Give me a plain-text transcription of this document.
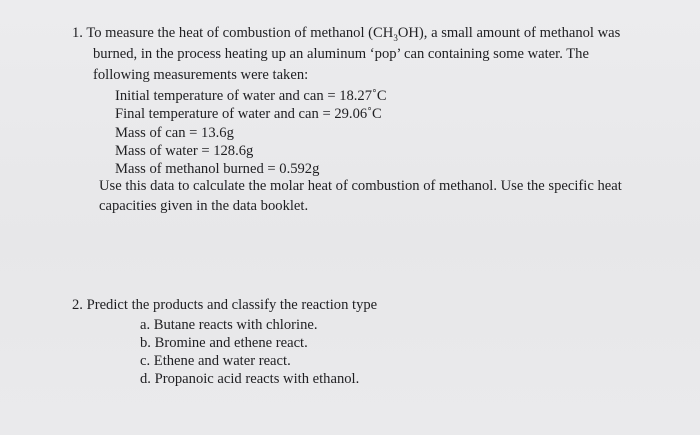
1. To measure the heat of combustion of methanol $(CH_3OH)$, a small amount of methanol was
burned, in the process heating up an aluminum ‘pop’ can containing some water. The
following measurements were taken:
Initial temperature of water and can = 18.27˚C
Final temperature of water and can = 29.06˚C
Mass of can = 13.6g
Mass of water = 128.6g
Mass of methanol burned = 0.592g
Use this data to calculate the molar heat of combustion of methanol. Use the specific heat
capacities given in the data booklet.
2. Predict the products and classify the reaction type
a. Butane reacts with chlorine.
b. Bromine and ethene react.
c. Ethene and water react.
d. Propanoic acid reacts with ethanol.
